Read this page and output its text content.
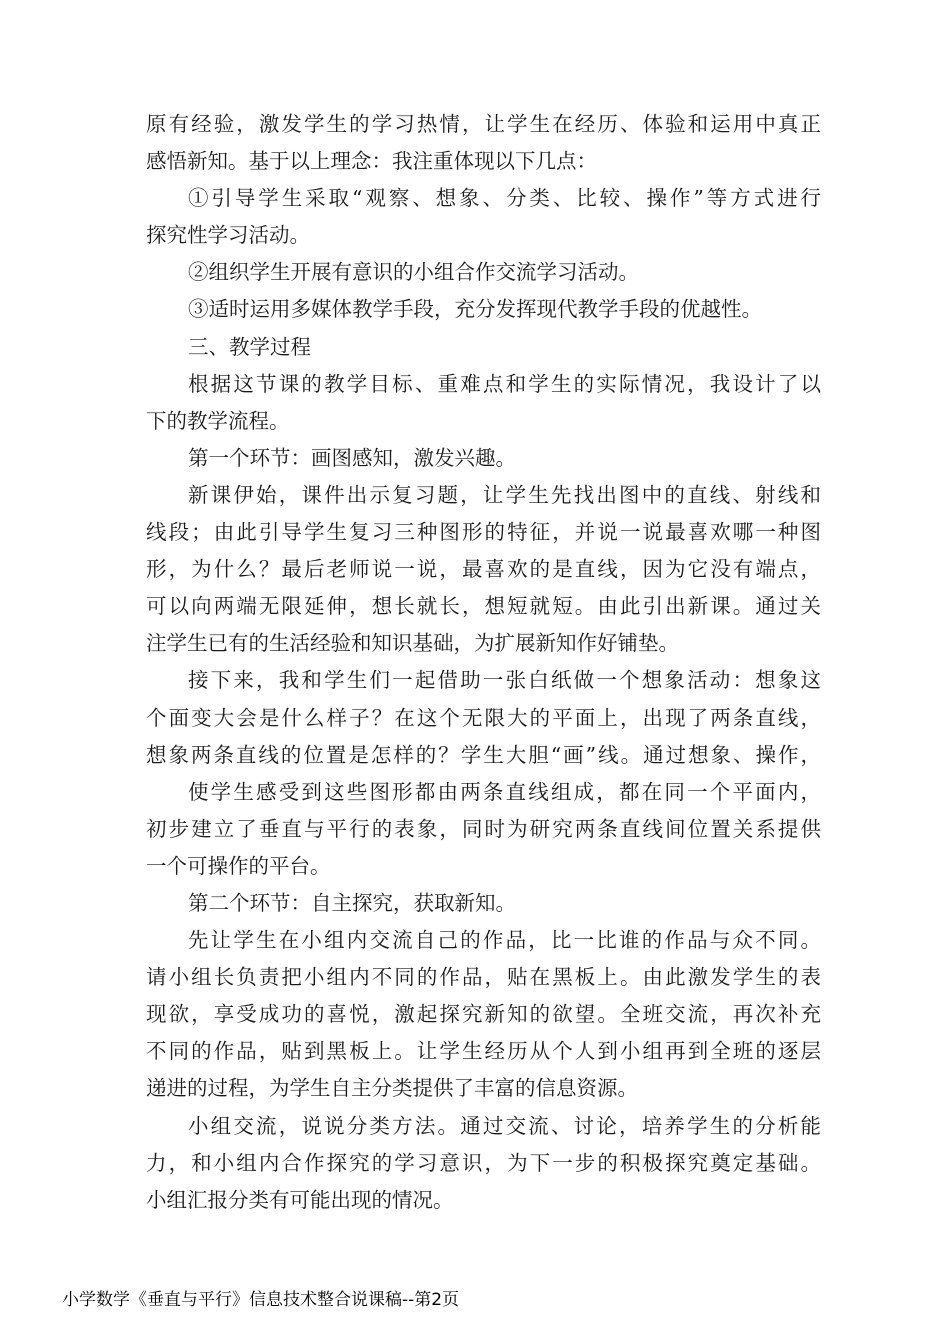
原有经验，激发学生的学习热情，让学生在经历、体验和运用中真正
感悟新知。基于以上理念：我注重体现以下几点：
①引导学生采取“观察、想象、分类、比较、操作”等方式进行
探究性学习活动。
②组织学生开展有意识的小组合作交流学习活动。
③适时运用多媒体教学手段，充分发挥现代教学手段的优越性。
三、教学过程
根据这节课的教学目标、重难点和学生的实际情况，我设计了以
下的教学流程。
第一个环节：画图感知，激发兴趣。
新课伊始，课件出示复习题，让学生先找出图中的直线、射线和
线段；由此引导学生复习三种图形的特征，并说一说最喜欢哪一种图
形，为什么？最后老师说一说，最喜欢的是直线，因为它没有端点，
可以向两端无限延伸，想长就长，想短就短。由此引出新课。通过关
注学生已有的生活经验和知识基础，为扩展新知作好铺垫。
接下来，我和学生们一起借助一张白纸做一个想象活动：想象这
个面变大会是什么样子？在这个无限大的平面上，出现了两条直线，
想象两条直线的位置是怎样的？学生大胆“画”线。通过想象、操作，
使学生感受到这些图形都由两条直线组成，都在同一个平面内，
初步建立了垂直与平行的表象，同时为研究两条直线间位置关系提供
一个可操作的平台。
第二个环节：自主探究，获取新知。
先让学生在小组内交流自己的作品，比一比谁的作品与众不同。
请小组长负责把小组内不同的作品，贴在黑板上。由此激发学生的表
现欲，享受成功的喜悦，激起探究新知的欲望。全班交流，再次补充
不同的作品，贴到黑板上。让学生经历从个人到小组再到全班的逐层
递进的过程，为学生自主分类提供了丰富的信息资源。
小组交流，说说分类方法。通过交流、讨论，培养学生的分析能
力，和小组内合作探究的学习意识，为下一步的积极探究奠定基础。
小组汇报分类有可能出现的情况。
小学数学《垂直与平行》信息技术整合说课稿--第2页
